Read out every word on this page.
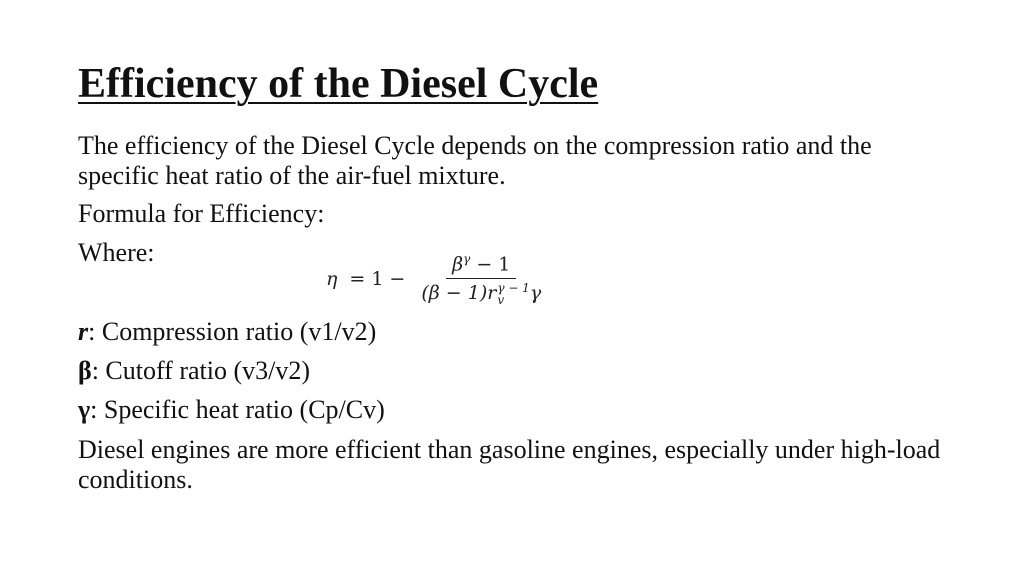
Efficiency of the Diesel Cycle

The efficiency of the Diesel Cycle depends on the compression ratio and the specific heat ratio of the air-fuel mixture.

Formula for Efficiency:

Where:

$\eta = 1 - \beta^\gamma - 1$
(β − 1)r γ − 1
v	γ

r: Compression ratio (v1/v2)

β: Cutoff ratio (v3/v2)

γ: Specific heat ratio (Cp/Cv)

Diesel engines are more efficient than gasoline engines, especially under high-load conditions.
